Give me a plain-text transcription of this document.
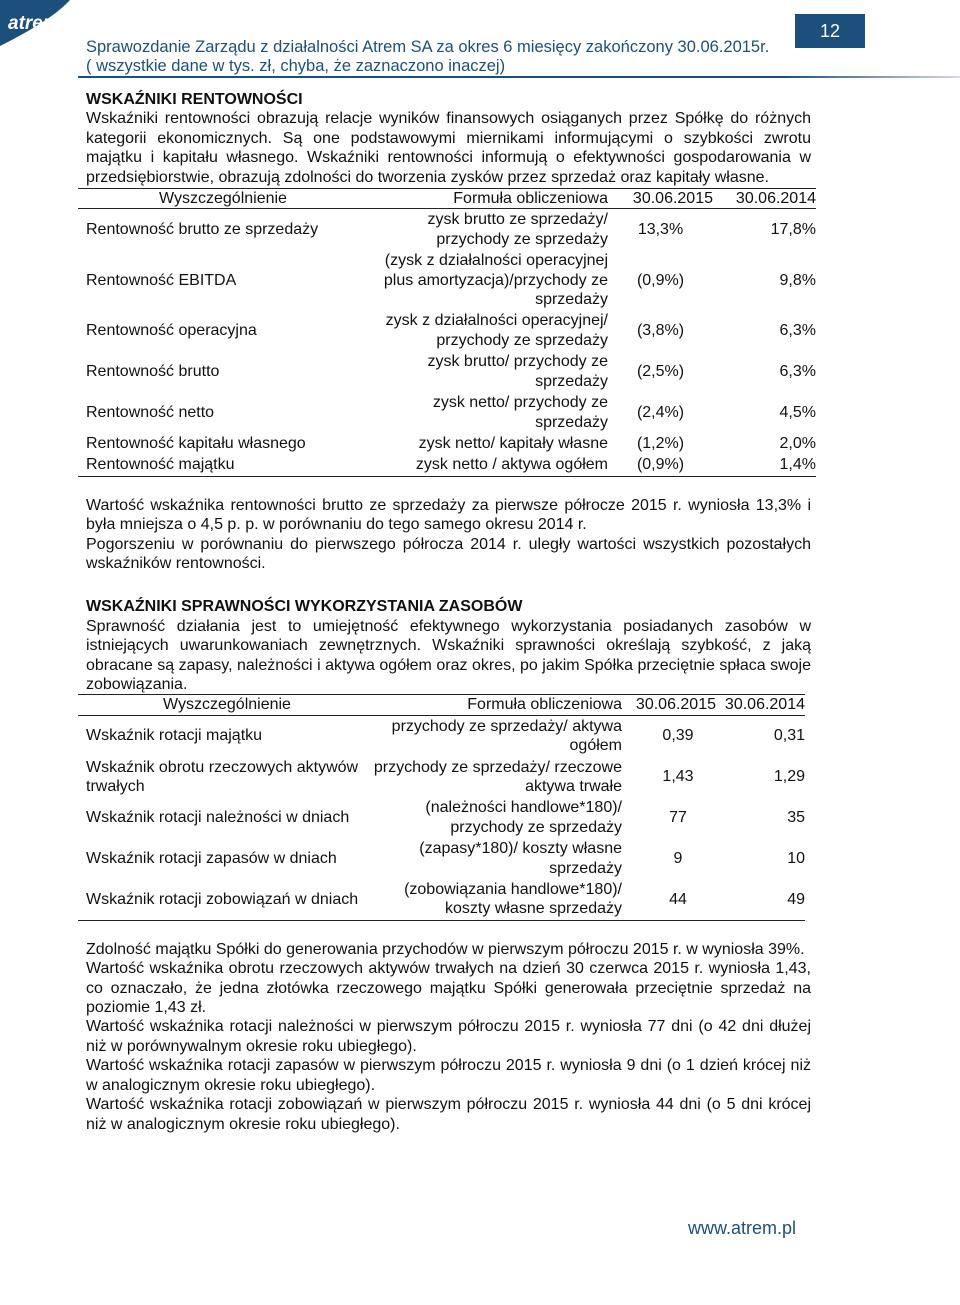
atrem	12
Sprawozdanie Zarządu z działalności Atrem SA za okres 6 miesięcy zakończony 30.06.2015r.
( wszystkie dane w tys. zł, chyba, że zaznaczono inaczej)
WSKAŹNIKI RENTOWNOŚCI
Wskaźniki rentowności obrazują relacje wyników finansowych osiąganych przez Spółkę do różnych kategorii ekonomicznych. Są one podstawowymi miernikami informującymi o szybkości zwrotu majątku i kapitału własnego. Wskaźniki rentowności informują o efektywności gospodarowania w przedsiębiorstwie, obrazują zdolności do tworzenia zysków przez sprzedaż oraz kapitały własne.
Wyszczególnienie	Formuła obliczeniowa	30.06.2015	30.06.2014
Rentowność brutto ze sprzedaży	zysk brutto ze sprzedaży/ przychody ze sprzedaży	13,3%	17,8%
Rentowność EBITDA	(zysk z działalności operacyjnej plus amortyzacja)/przychody ze sprzedaży	(0,9%)	9,8%
Rentowność operacyjna	zysk z działalności operacyjnej/ przychody ze sprzedaży	(3,8%)	6,3%
Rentowność brutto	zysk brutto/ przychody ze sprzedaży	(2,5%)	6,3%
Rentowność netto	zysk netto/ przychody ze sprzedaży	(2,4%)	4,5%
Rentowność kapitału własnego	zysk netto/ kapitały własne	(1,2%)	2,0%
Rentowność majątku	zysk netto / aktywa ogółem	(0,9%)	1,4%
Wartość wskaźnika rentowności brutto ze sprzedaży za pierwsze półrocze 2015 r. wyniosła 13,3% i była mniejsza o 4,5 p. p. w porównaniu do tego samego okresu 2014 r.
Pogorszeniu w porównaniu do pierwszego półrocza 2014 r. uległy wartości wszystkich pozostałych wskaźników rentowności.
WSKAŹNIKI SPRAWNOŚCI WYKORZYSTANIA ZASOBÓW
Sprawność działania jest to umiejętność efektywnego wykorzystania posiadanych zasobów w istniejących uwarunkowaniach zewnętrznych. Wskaźniki sprawności określają szybkość, z jaką obracane są zapasy, należności i aktywa ogółem oraz okres, po jakim Spółka przeciętnie spłaca swoje zobowiązania.
Wyszczególnienie	Formuła obliczeniowa	30.06.2015	30.06.2014
Wskaźnik rotacji majątku	przychody ze sprzedaży/ aktywa ogółem	0,39	0,31
Wskaźnik obrotu rzeczowych aktywów trwałych	przychody ze sprzedaży/ rzeczowe aktywa trwałe	1,43	1,29
Wskaźnik rotacji należności w dniach	(należności handlowe*180)/ przychody ze sprzedaży	77	35
Wskaźnik rotacji zapasów w dniach	(zapasy*180)/ koszty własne sprzedaży	9	10
Wskaźnik rotacji zobowiązań w dniach	(zobowiązania handlowe*180)/ koszty własne sprzedaży	44	49
Zdolność majątku Spółki do generowania przychodów w pierwszym półroczu 2015 r. w wyniosła 39%.
Wartość wskaźnika obrotu rzeczowych aktywów trwałych na dzień 30 czerwca 2015 r. wyniosła 1,43, co oznaczało, że jedna złotówka rzeczowego majątku Spółki generowała przeciętnie sprzedaż na poziomie 1,43 zł.
Wartość wskaźnika rotacji należności w pierwszym półroczu 2015 r. wyniosła 77 dni (o 42 dni dłużej niż w porównywalnym okresie roku ubiegłego).
Wartość wskaźnika rotacji zapasów w pierwszym półroczu 2015 r. wyniosła 9 dni (o 1 dzień krócej niż w analogicznym okresie roku ubiegłego).
Wartość wskaźnika rotacji zobowiązań w pierwszym półroczu 2015 r. wyniosła 44 dni (o 5 dni krócej niż w analogicznym okresie roku ubiegłego).
www.atrem.pl
